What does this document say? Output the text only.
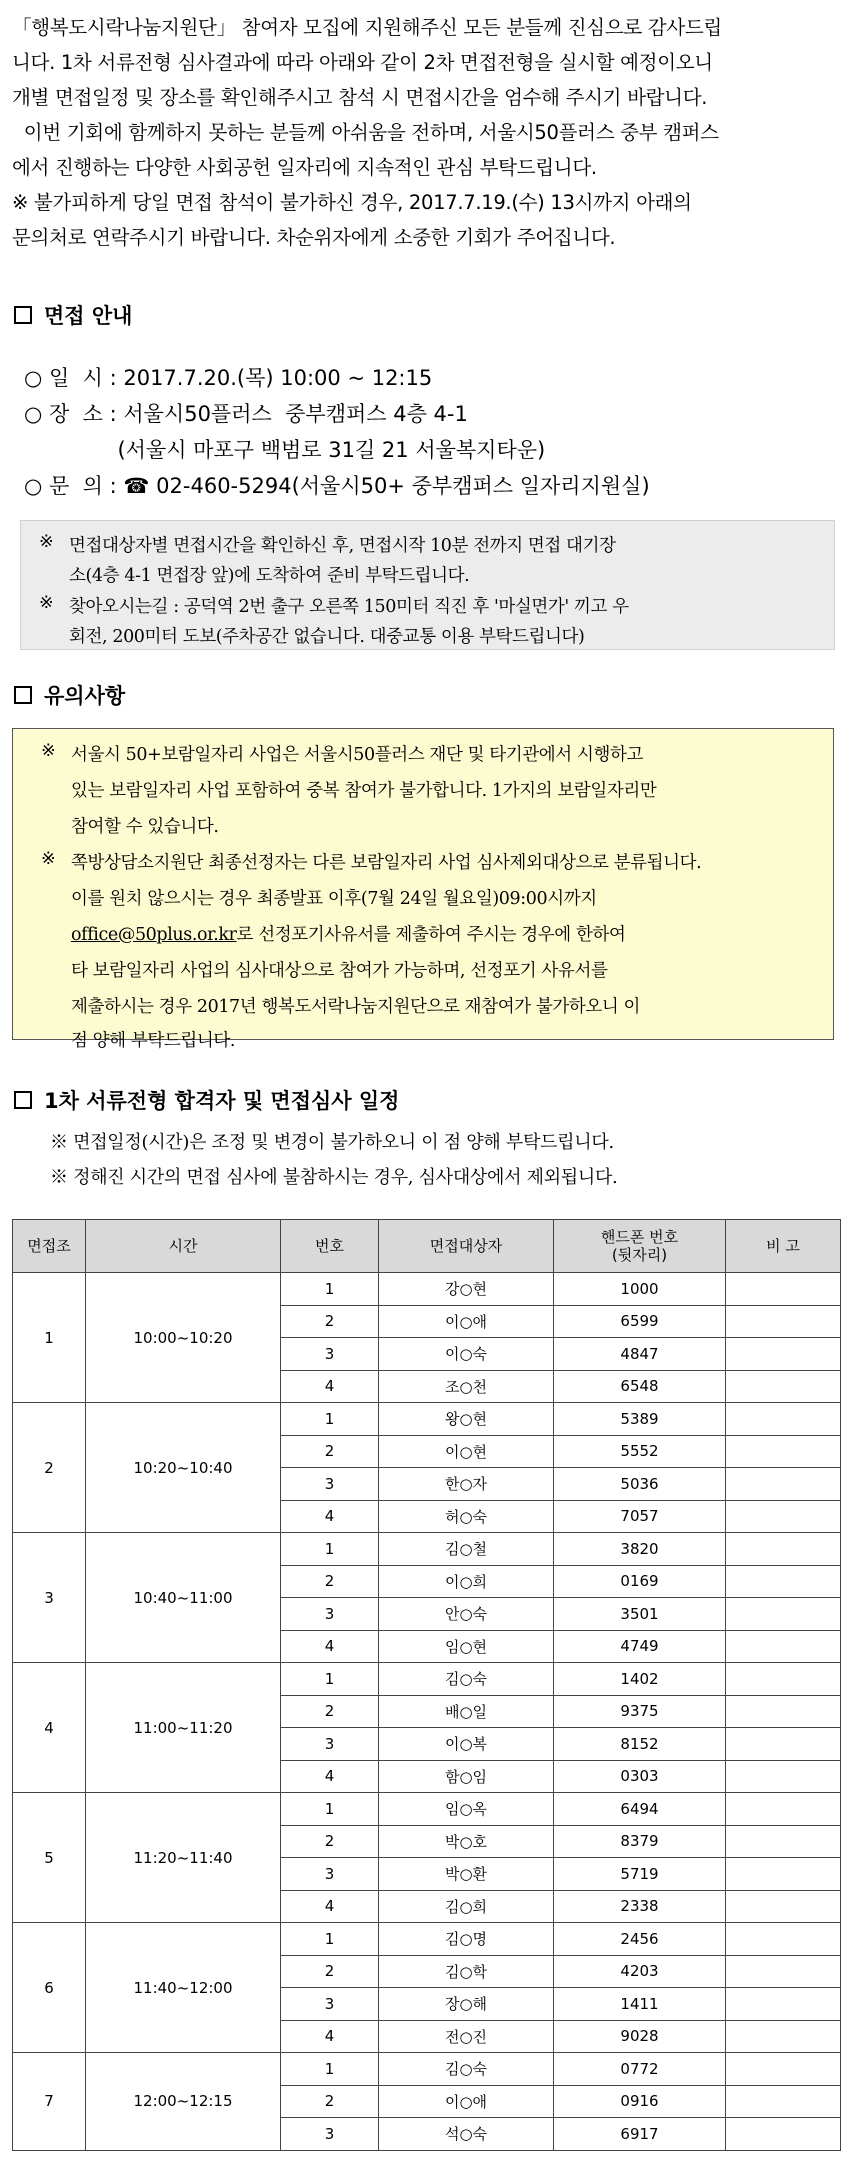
「행복도시락나눔지원단」 참여자 모집에 지원해주신 모든 분들께 진심으로 감사드립

니다. 1차 서류전형 심사결과에 따라 아래와 같이 2차 면접전형을 실시할 예정이오니

개별 면접일정 및 장소를 확인해주시고 참석 시 면접시간을 엄수해 주시기 바랍니다.

이번 기회에 함께하지 못하는 분들께 아쉬움을 전하며, 서울시50플러스 중부 캠퍼스

에서 진행하는 다양한 사회공헌 일자리에 지속적인 관심 부탁드립니다.

※ 불가피하게 당일 면접 참석이 불가하신 경우, 2017.7.19.(수) 13시까지 아래의

문의처로 연락주시기 바랍니다. 차순위자에게 소중한 기회가 주어집니다.

면접 안내
○ 일  시 : 2017.7.20.(목) 10:00 ~ 12:15
○ 장  소 : 서울시50플러스  중부캠퍼스 4층 4-1
(서울시 마포구 백범로 31길 21 서울복지타운)
○ 문  의 : ☎ 02-460-5294(서울시50+ 중부캠퍼스 일자리지원실)
※ 면접대상자별 면접시간을 확인하신 후, 면접시작 10분 전까지 면접 대기장
소(4층 4-1 면접장 앞)에 도착하여 준비 부탁드립니다.
※ 찾아오시는길 : 공덕역 2번 출구 오른쪽 150미터 직진 후 '마실면가' 끼고 우
회전, 200미터 도보(주차공간 없습니다. 대중교통 이용 부탁드립니다)
유의사항
※ 서울시 50+보람일자리 사업은 서울시50플러스 재단 및 타기관에서 시행하고
있는 보람일자리 사업 포함하여 중복 참여가 불가합니다. 1가지의 보람일자리만
참여할 수 있습니다.
※ 쪽방상담소지원단 최종선정자는 다른 보람일자리 사업 심사제외대상으로 분류됩니다.
이를 원치 않으시는 경우 최종발표 이후(7월 24일 월요일)09:00시까지
office@50plus.or.kr로 선정포기사유서를 제출하여 주시는 경우에 한하여
타 보람일자리 사업의 심사대상으로 참여가 가능하며, 선정포기 사유서를
제출하시는 경우 2017년 행복도서락나눔지원단으로 재참여가 불가하오니 이
점 양해 부탁드립니다.
1차 서류전형 합격자 및 면접심사 일정
※ 면접일정(시간)은 조정 및 변경이 불가하오니 이 점 양해 부탁드립니다.
※ 정해진 시간의 면접 심사에 불참하시는 경우, 심사대상에서 제외됩니다.
면접조	시간	번호	면접대상자	핸드폰 번호
(뒷자리)	비 고
1	10:00~10:20	1	강○현	1000	
		2	이○애	6599	
		3	이○숙	4847	
		4	조○천	6548	
2	10:20~10:40	1	왕○현	5389	
		2	이○현	5552	
		3	한○자	5036	
		4	허○숙	7057	
3	10:40~11:00	1	김○철	3820	
		2	이○희	0169	
		3	안○숙	3501	
		4	임○현	4749	
4	11:00~11:20	1	김○숙	1402	
		2	배○일	9375	
		3	이○복	8152	
		4	함○임	0303	
5	11:20~11:40	1	임○옥	6494	
		2	박○호	8379	
		3	박○환	5719	
		4	김○희	2338	
6	11:40~12:00	1	김○명	2456	
		2	김○학	4203	
		3	장○해	1411	
		4	전○진	9028	
7	12:00~12:15	1	김○숙	0772	
		2	이○애	0916	
		3	석○숙	6917	
